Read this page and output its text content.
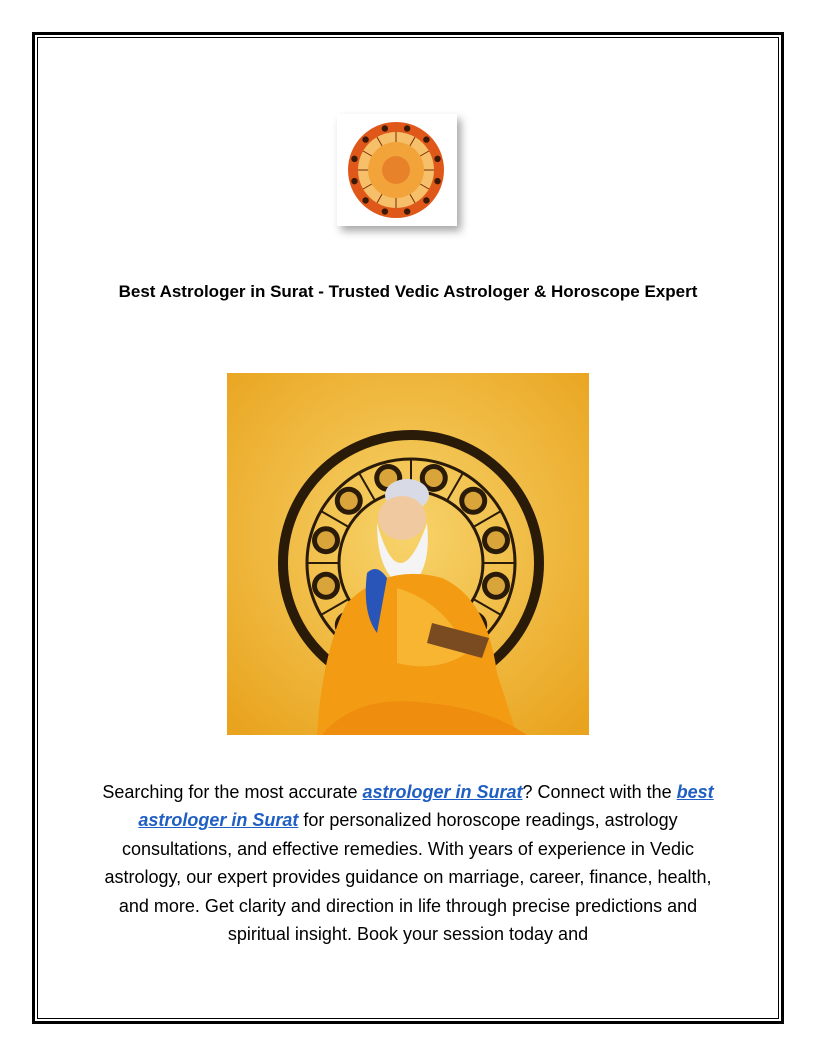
Best Astrologer in Surat - Trusted Vedic Astrologer & Horoscope Expert
Searching for the most accurate astrologer in Surat? Connect with the best astrologer in Surat for personalized horoscope readings, astrology consultations, and effective remedies. With years of experience in Vedic astrology, our expert provides guidance on marriage, career, finance, health, and more. Get clarity and direction in life through precise predictions and spiritual insight. Book your session today and
